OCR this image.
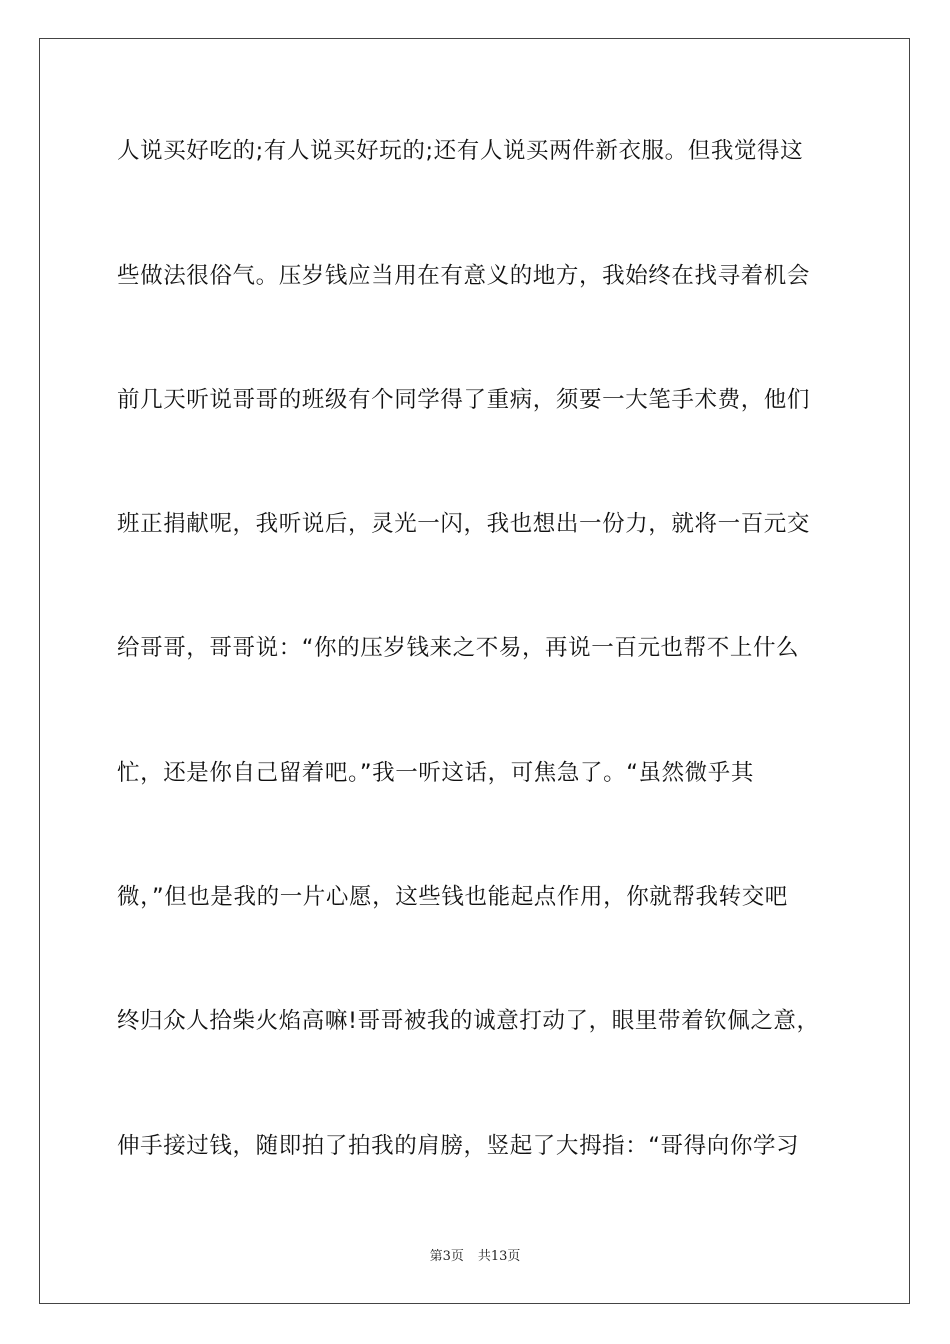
人说买好吃的;有人说买好玩的;还有人说买两件新衣服。但我觉得这
些做法很俗气。压岁钱应当用在有意义的地方，我始终在找寻着机会
前几天听说哥哥的班级有个同学得了重病，须要一大笔手术费，他们
班正捐献呢，我听说后，灵光一闪，我也想出一份力，就将一百元交
给哥哥，哥哥说：“你的压岁钱来之不易，再说一百元也帮不上什么
忙，还是你自己留着吧。”我一听这话，可焦急了。“虽然微乎其
微，”但也是我的一片心愿，这些钱也能起点作用，你就帮我转交吧
终归众人拾柴火焰高嘛!哥哥被我的诚意打动了，眼里带着钦佩之意，
伸手接过钱，随即拍了拍我的肩膀，竖起了大拇指：“哥得向你学习
第3页 共13页
